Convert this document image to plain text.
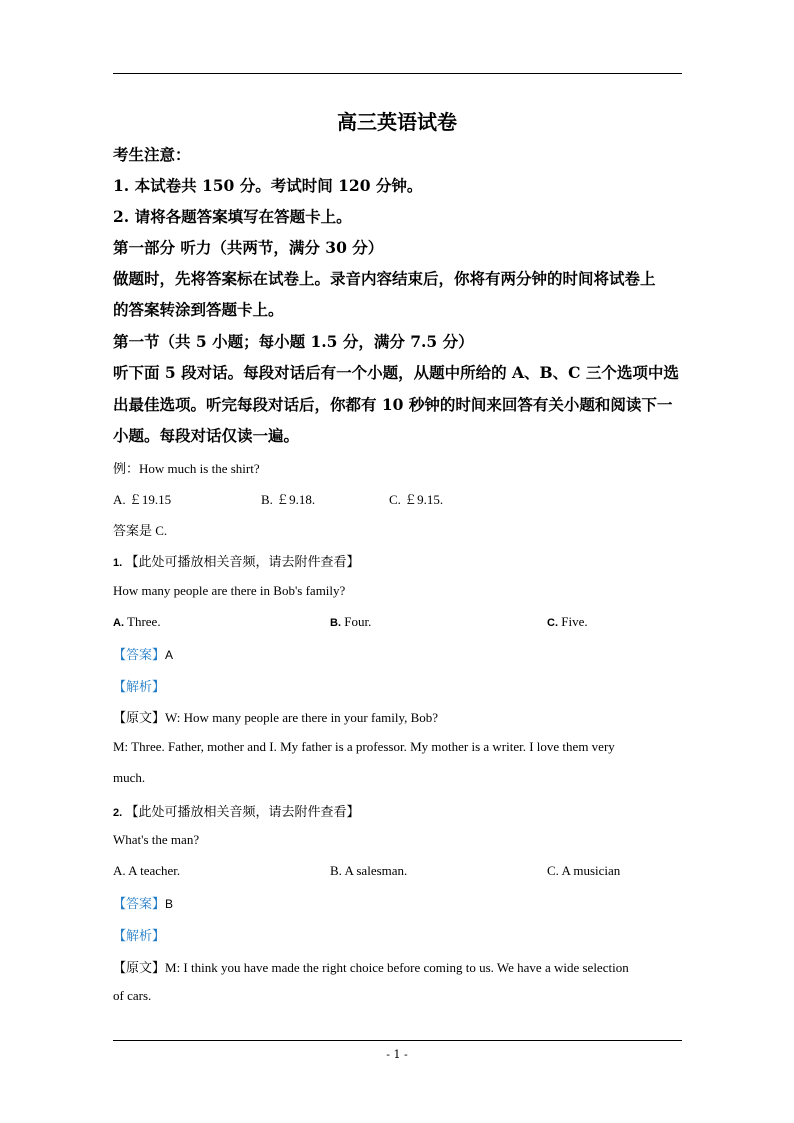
高三英语试卷
考生注意：
1. 本试卷共 150 分。考试时间 120 分钟。
2. 请将各题答案填写在答题卡上。
第一部分 听力（共两节，满分 30 分）
做题时，先将答案标在试卷上。录音内容结束后，你将有两分钟的时间将试卷上
的答案转涂到答题卡上。
第一节（共 5 小题；每小题 1.5 分，满分 7.5 分）
听下面 5 段对话。每段对话后有一个小题，从题中所给的 A、B、C 三个选项中选
出最佳选项。听完每段对话后，你都有 10 秒钟的时间来回答有关小题和阅读下一
小题。每段对话仅读一遍。
例：How much is the shirt?
A. ￡19.15	B. ￡9.18.	C. ￡9.15.
答案是 C.
1. 【此处可播放相关音频，请去附件查看】
How many people are there in Bob's family?
A. Three.	B. Four.	C. Five.
【答案】A
【解析】
【原文】W: How many people are there in your family, Bob?
M: Three. Father, mother and I. My father is a professor. My mother is a writer. I love them very
much.
2. 【此处可播放相关音频，请去附件查看】
What's the man?
A. A teacher.	B. A salesman.	C. A musician
【答案】B
【解析】
【原文】M: I think you have made the right choice before coming to us. We have a wide selection
of cars.
- 1 -
